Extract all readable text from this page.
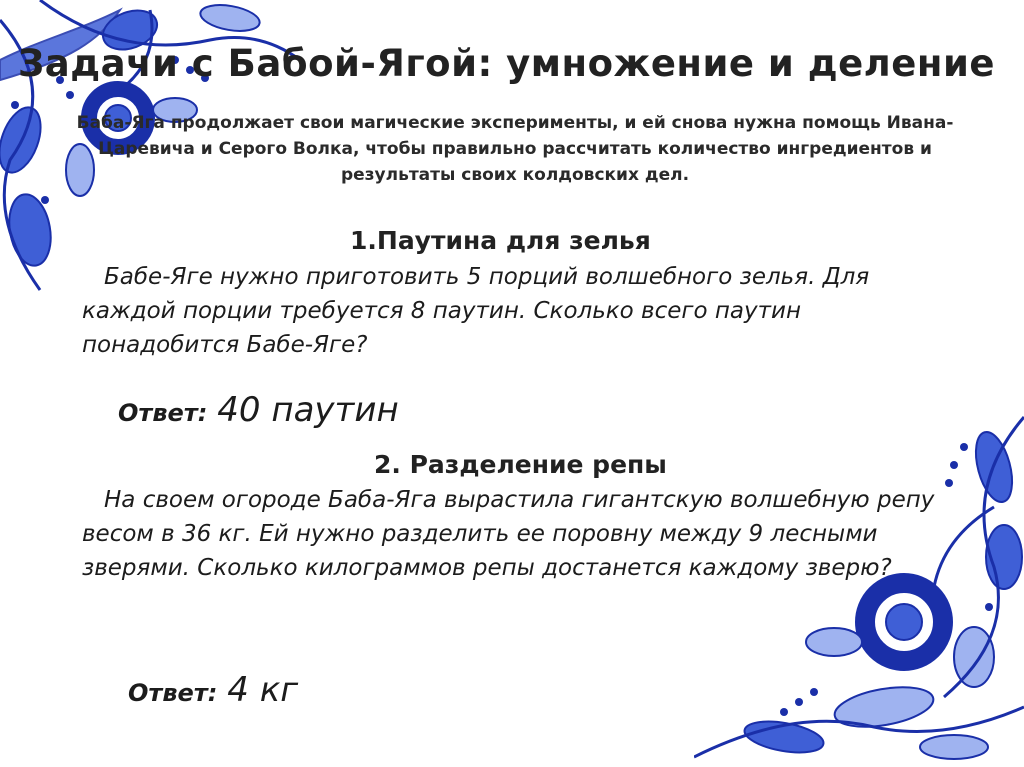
Задачи с Бабой-Ягой: умножение и деление
Баба-Яга продолжает свои магические эксперименты, и ей снова нужна помощь Ивана-Царевича и Серого Волка, чтобы правильно рассчитать количество ингредиентов и результаты своих колдовских дел.
1.Паутина для зелья
Бабе-Яге нужно приготовить 5 порций волшебного зелья. Для каждой порции требуется 8 паутин. Сколько всего паутин понадобится Бабе-Яге?
Ответ: 40 паутин
2. Разделение репы
На своем огороде Баба-Яга вырастила гигантскую волшебную репу весом в 36 кг. Ей нужно разделить ее поровну между 9 лесными зверями. Сколько килограммов репы достанется каждому зверю?
Ответ: 4 кг
